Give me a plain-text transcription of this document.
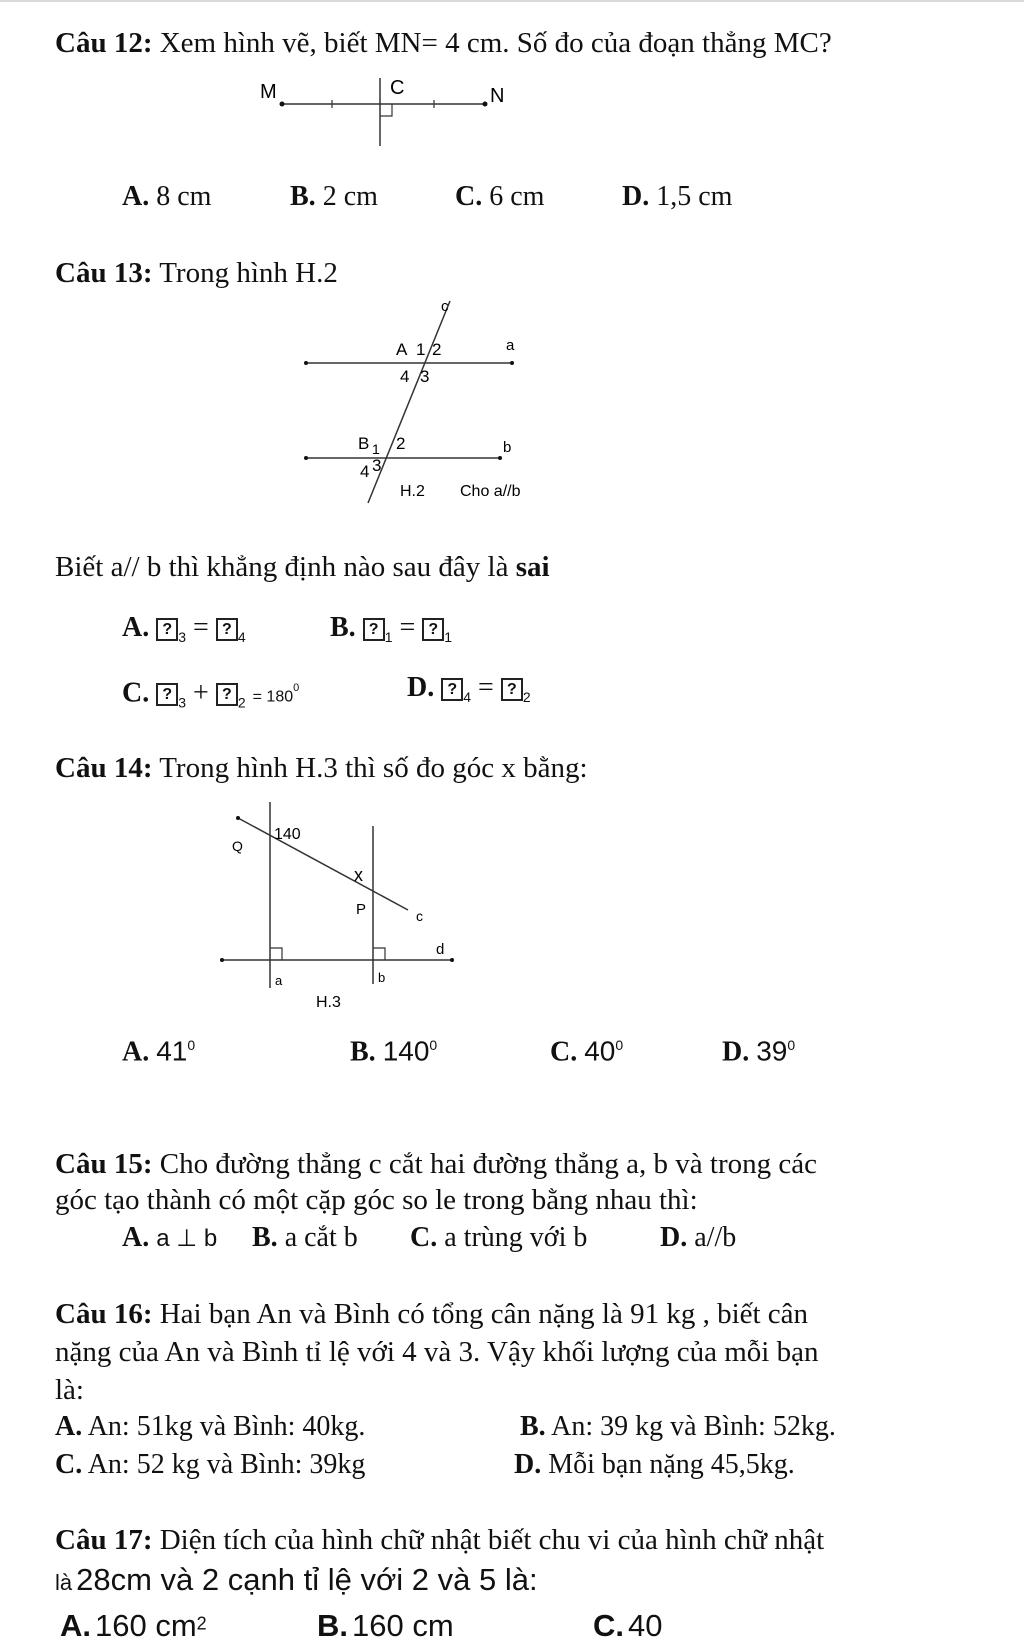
Câu 12: Xem hình vẽ, biết MN= 4 cm. Số đo của đoạn thẳng MC?
M	C	N
A. 8 cm	B. 2 cm	C. 6 cm	D. 1,5 cm
Câu 13: Trong hình H.2
c
a
b
A 1 2
4 3
B 1 2
4 3
H.2 Cho a//b
Biết a// b thì khẳng định nào sau đây là sai
A. ? $_3$ = ? $_4$	B. ? $_1$ = ? $_1$
C. ? $_3$ + ? $_2 = 180^0$	D. ? $_4$ = ? $_2$
Câu 14: Trong hình H.3 thì số đo góc x bằng:
140
Q
x
P	c
d
a	b
H.3
A. $41^0$	B. $140^0$	C. $40^0$	D. $39^0$
Câu 15: Cho đường thẳng c cắt hai đường thẳng a, b và trong các
góc tạo thành có một cặp góc so le trong bằng nhau thì:
A. a ⊥ b B. a cắt b C. a trùng với b	D. a//b
Câu 16: Hai bạn An và Bình có tổng cân nặng là 91 kg , biết cân
nặng của An và Bình tỉ lệ với 4 và 3. Vậy khối lượng của mỗi bạn
là:
A. An: 51kg và Bình: 40kg.	B. An: 39 kg và Bình: 52kg.
C. An: 52 kg và Bình: 39kg	D. Mỗi bạn nặng 45,5kg.
Câu 17: Diện tích của hình chữ nhật biết chu vi của hình chữ nhật
là 28cm và 2 cạnh tỉ lệ với 2 và 5 là:
A. 160 $cm^2$	B. 160 cm	C. 40
